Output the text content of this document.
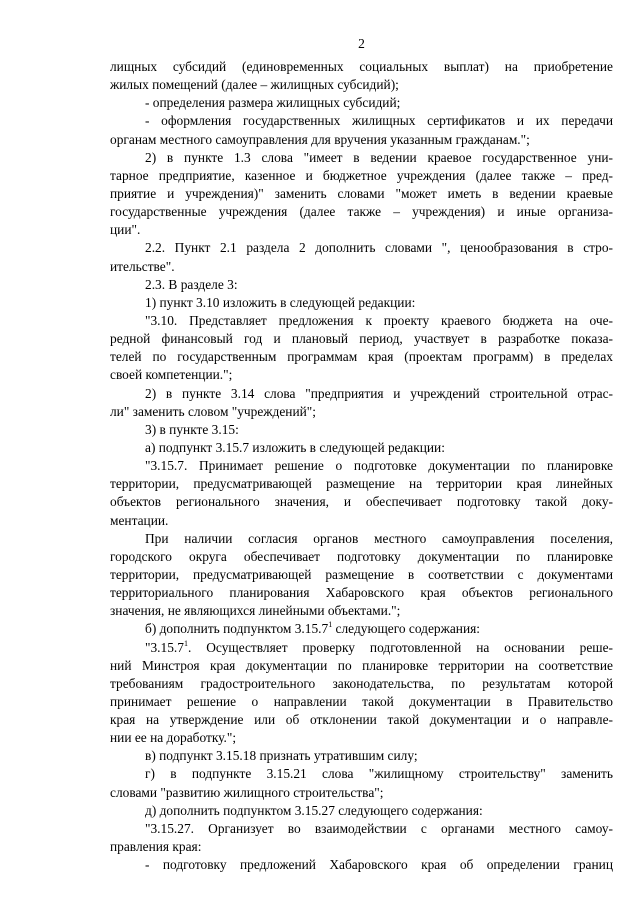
2
лищных субсидий (единовременных социальных выплат) на приобретение
жилых помещений (далее – жилищных субсидий);
- определения размера жилищных субсидий;
- оформления государственных жилищных сертификатов и их передачи
органам местного самоуправления для вручения указанным гражданам.";
2) в пункте 1.3 слова "имеет в ведении краевое государственное уни-
тарное предприятие, казенное и бюджетное учреждения (далее также – пред-
приятие и учреждения)" заменить словами "может иметь в ведении краевые
государственные учреждения (далее также – учреждения) и иные организа-
ции".
2.2. Пункт 2.1 раздела 2 дополнить словами ", ценообразования в стро-
ительстве".
2.3. В разделе 3:
1) пункт 3.10 изложить в следующей редакции:
"3.10. Представляет предложения к проекту краевого бюджета на оче-
редной финансовый год и плановый период, участвует в разработке показа-
телей по государственным программам края (проектам программ) в пределах
своей компетенции.";
2) в пункте 3.14 слова "предприятия и учреждений строительной отрас-
ли" заменить словом "учреждений";
3) в пункте 3.15:
а) подпункт 3.15.7 изложить в следующей редакции:
"3.15.7. Принимает решение о подготовке документации по планировке
территории, предусматривающей размещение на территории края линейных
объектов регионального значения, и обеспечивает подготовку такой доку-
ментации.
При наличии согласия органов местного самоуправления поселения,
городского округа обеспечивает подготовку документации по планировке
территории, предусматривающей размещение в соответствии с документами
территориального планирования Хабаровского края объектов регионального
значения, не являющихся линейными объектами.";
б) дополнить подпунктом 3.15.7$^1$ следующего содержания:
"3.15.7$^1$. Осуществляет проверку подготовленной на основании реше-
ний Минстроя края документации по планировке территории на соответствие
требованиям градостроительного законодательства, по результатам которой
принимает решение о направлении такой документации в Правительство
края на утверждение или об отклонении такой документации и о направле-
нии ее на доработку.";
в) подпункт 3.15.18 признать утратившим силу;
г) в подпункте 3.15.21 слова "жилищному строительству" заменить
словами "развитию жилищного строительства";
д) дополнить подпунктом 3.15.27 следующего содержания:
"3.15.27. Организует во взаимодействии с органами местного самоу-
правления края:
- подготовку предложений Хабаровского края об определении границ
